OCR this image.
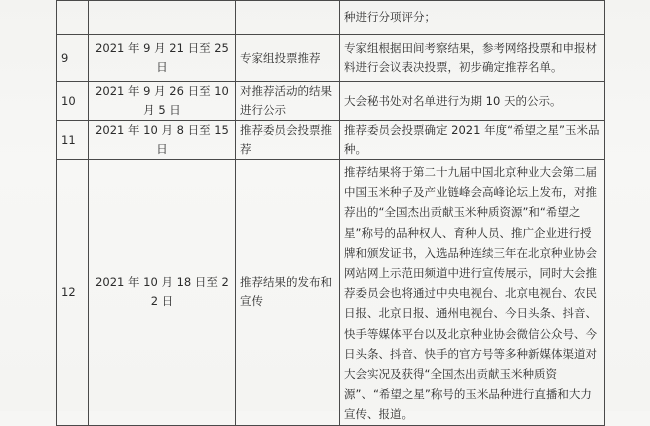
			种进行分项评分；
9	2021 年 9 月 21 日至 25 日	专家组投票推荐	专家组根据田间考察结果，参考网络投票和申报材料进行会议表决投票，初步确定推荐名单。
10	2021 年 9 月 26 日至 10 月 5 日	对推荐活动的结果进行公示	大会秘书处对名单进行为期 10 天的公示。
11	2021 年 10 月 8 日至 15 日	推荐委员会投票推荐	推荐委员会投票确定 2021 年度“希望之星”玉米品种。
12	2021 年 10 月 18 日至 22 日	推荐结果的发布和宣传	推荐结果将于第二十九届中国北京种业大会第二届中国玉米种子及产业链峰会高峰论坛上发布，对推荐出的“全国杰出贡献玉米种质资源”和“希望之星”称号的品种权人、育种人员、推广企业进行授牌和颁发证书，入选品种连续三年在北京种业协会网站网上示范田频道中进行宣传展示，同时大会推荐委员会也将通过中央电视台、北京电视台、农民日报、北京日报、通州电视台、今日头条、抖音、快手等媒体平台以及北京种业协会微信公众号、今日头条、抖音、快手的官方号等多种新媒体渠道对大会实况及获得“全国杰出贡献玉米种质资源”、“希望之星”称号的玉米品种进行直播和大力宣传、报道。
